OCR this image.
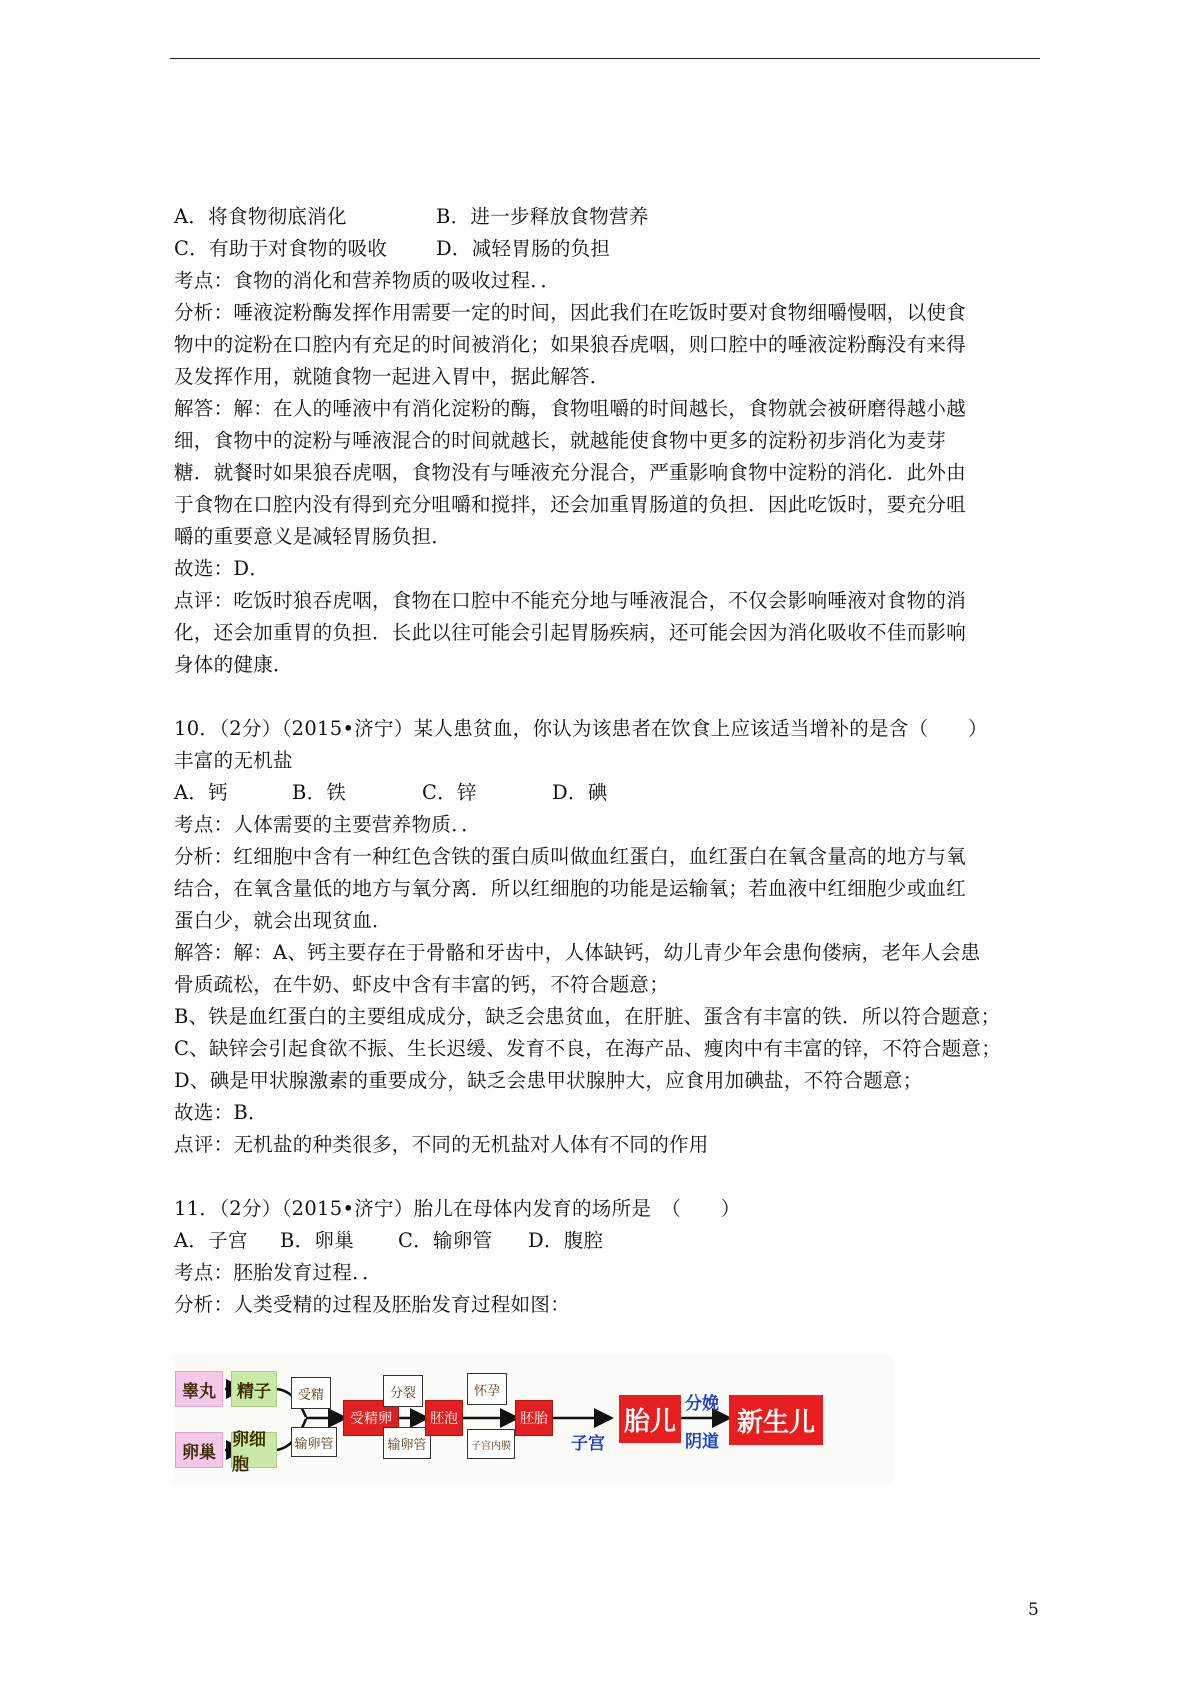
A．将食物彻底消化	B．进一步释放食物营养
C．有助于对食物的吸收	D．减轻胃肠的负担
考点：食物的消化和营养物质的吸收过程．．
分析：唾液淀粉酶发挥作用需要一定的时间，因此我们在吃饭时要对食物细嚼慢咽，以使食
物中的淀粉在口腔内有充足的时间被消化；如果狼吞虎咽，则口腔中的唾液淀粉酶没有来得
及发挥作用，就随食物一起进入胃中，据此解答．
解答：解：在人的唾液中有消化淀粉的酶，食物咀嚼的时间越长，食物就会被研磨得越小越
细，食物中的淀粉与唾液混合的时间就越长，就越能使食物中更多的淀粉初步消化为麦芽
糖．就餐时如果狼吞虎咽，食物没有与唾液充分混合，严重影响食物中淀粉的消化．此外由
于食物在口腔内没有得到充分咀嚼和搅拌，还会加重胃肠道的负担．因此吃饭时，要充分咀
嚼的重要意义是减轻胃肠负担．
故选：D．
点评：吃饭时狼吞虎咽，食物在口腔中不能充分地与唾液混合，不仅会影响唾液对食物的消
化，还会加重胃的负担．长此以往可能会引起胃肠疾病，还可能会因为消化吸收不佳而影响
身体的健康．
10．（2分）（2015•济宁）某人患贫血，你认为该患者在饮食上应该适当增补的是含（　　）
丰富的无机盐
A．钙	B．铁	C．锌	D．碘
考点：人体需要的主要营养物质．．
分析：红细胞中含有一种红色含铁的蛋白质叫做血红蛋白，血红蛋白在氧含量高的地方与氧
结合，在氧含量低的地方与氧分离．所以红细胞的功能是运输氧；若血液中红细胞少或血红
蛋白少，就会出现贫血．
解答：解：A、钙主要存在于骨骼和牙齿中，人体缺钙，幼儿青少年会患佝偻病，老年人会患
骨质疏松，在牛奶、虾皮中含有丰富的钙，不符合题意；
B、铁是血红蛋白的主要组成成分，缺乏会患贫血，在肝脏、蛋含有丰富的铁．所以符合题意；
C、缺锌会引起食欲不振、生长迟缓、发育不良，在海产品、瘦肉中有丰富的锌，不符合题意；
D、碘是甲状腺激素的重要成分，缺乏会患甲状腺肿大，应食用加碘盐，不符合题意；
故选：B．
点评：无机盐的种类很多，不同的无机盐对人体有不同的作用
11．（2分）（2015•济宁）胎儿在母体内发育的场所是　（　　）
A．子宫	B．卵巢	C．输卵管	D．腹腔
考点：胚胎发育过程．．
分析：人类受精的过程及胚胎发育过程如图：
睾丸	精子
卵巢
卵细胞
受精
输卵管
受精卵
分裂
输卵管
胚泡
怀孕
子宫内膜
胚胎
子宫
胎儿
分娩
阴道
新生儿
5
